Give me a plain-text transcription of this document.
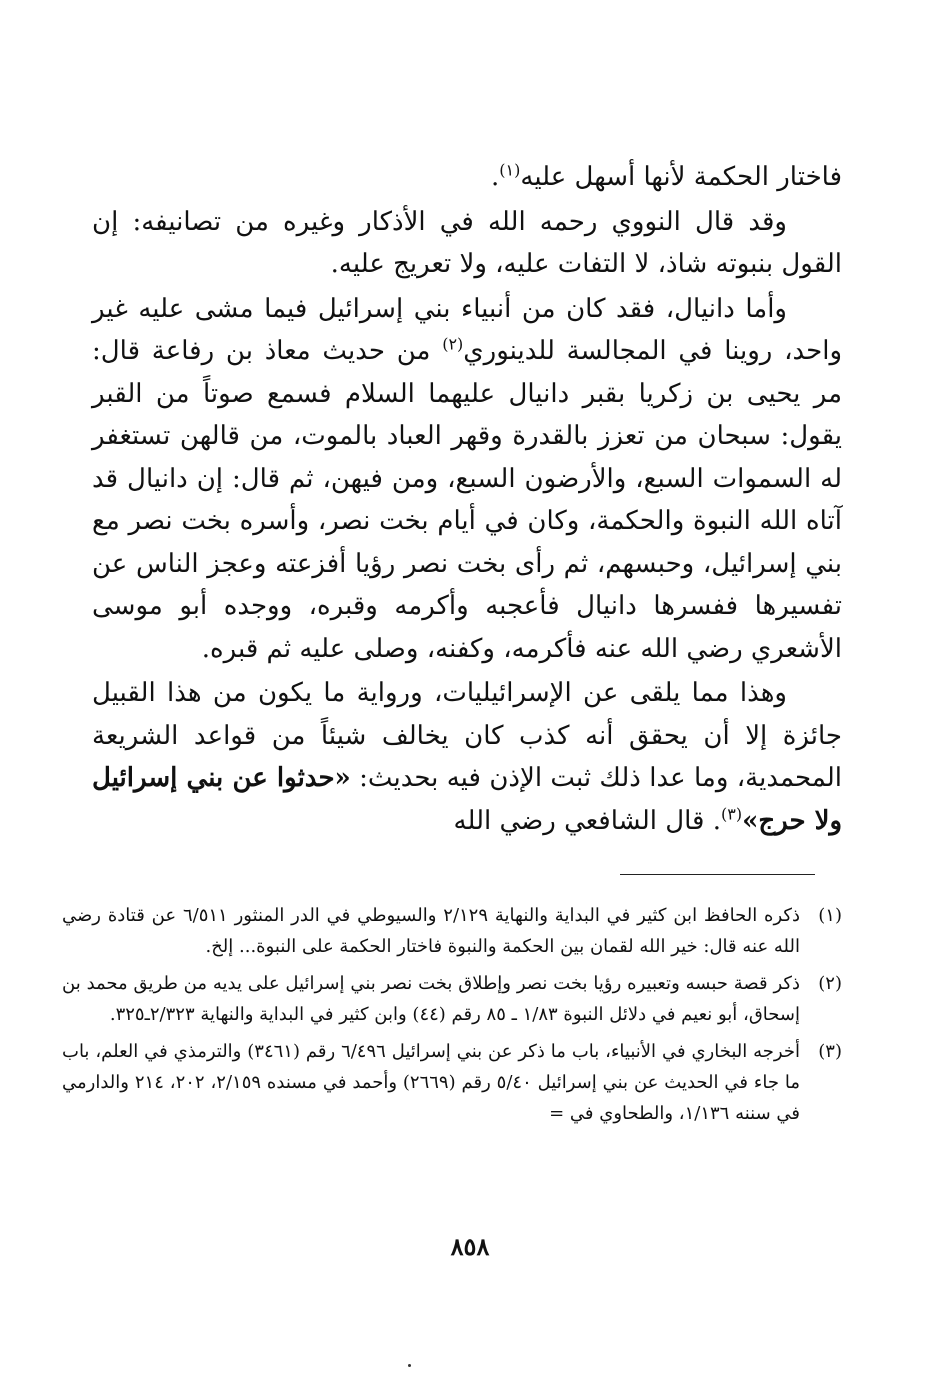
فاختار الحكمة لأنها أسهل عليه$^{(١)}$.

وقد قال النووي رحمه الله في الأذكار وغيره من تصانيفه: إن القول بنبوته شاذ، لا التفات عليه، ولا تعريج عليه.

وأما دانيال، فقد كان من أنبياء بني إسرائيل فيما مشى عليه غير واحد، روينا في المجالسة للدينوري$^{(٢)}$ من حديث معاذ بن رفاعة قال: مر يحيى بن زكريا بقبر دانيال عليهما السلام فسمع صوتاً من القبر يقول: سبحان من تعزز بالقدرة وقهر العباد بالموت، من قالهن تستغفر له السموات السبع، والأرضون السبع، ومن فيهن، ثم قال: إن دانيال قد آتاه الله النبوة والحكمة، وكان في أيام بخت نصر، وأسره بخت نصر مع بني إسرائيل، وحبسهم، ثم رأى بخت نصر رؤيا أفزعته وعجز الناس عن تفسيرها ففسرها دانيال فأعجبه وأكرمه وقبره، ووجده أبو موسى الأشعري رضي الله عنه فأكرمه، وكفنه، وصلى عليه ثم قبره.

وهذا مما يلقى عن الإسرائيليات، ورواية ما يكون من هذا القبيل جائزة إلا أن يحقق أنه كذب كان يخالف شيئاً من قواعد الشريعة المحمدية، وما عدا ذلك ثبت الإذن فيه بحديث: «حدثوا عن بني إسرائيل ولا حرج»$^{(٣)}$. قال الشافعي رضي الله

(١)
ذكره الحافظ ابن كثير في البداية والنهاية ٢/١٢٩ والسيوطي في الدر المنثور ٦/٥١١ عن قتادة رضي الله عنه قال: خير الله لقمان بين الحكمة والنبوة فاختار الحكمة على النبوة... إلخ.
(٢)
ذكر قصة حبسه وتعبيره رؤيا بخت نصر وإطلاق بخت نصر بني إسرائيل على يديه من طريق محمد بن إسحاق، أبو نعيم في دلائل النبوة ١/٨٣ ـ ٨٥ رقم (٤٤) وابن كثير في البداية والنهاية ٢/٣٢٣ـ٣٢٥.
(٣)
أخرجه البخاري في الأنبياء، باب ما ذكر عن بني إسرائيل ٦/٤٩٦ رقم (٣٤٦١) والترمذي في العلم، باب ما جاء في الحديث عن بني إسرائيل ٥/٤٠ رقم (٢٦٦٩) وأحمد في مسنده ٢/١٥٩، ٢٠٢، ٢١٤ والدارمي في سننه ١/١٣٦، والطحاوي في =
٨٥٨
